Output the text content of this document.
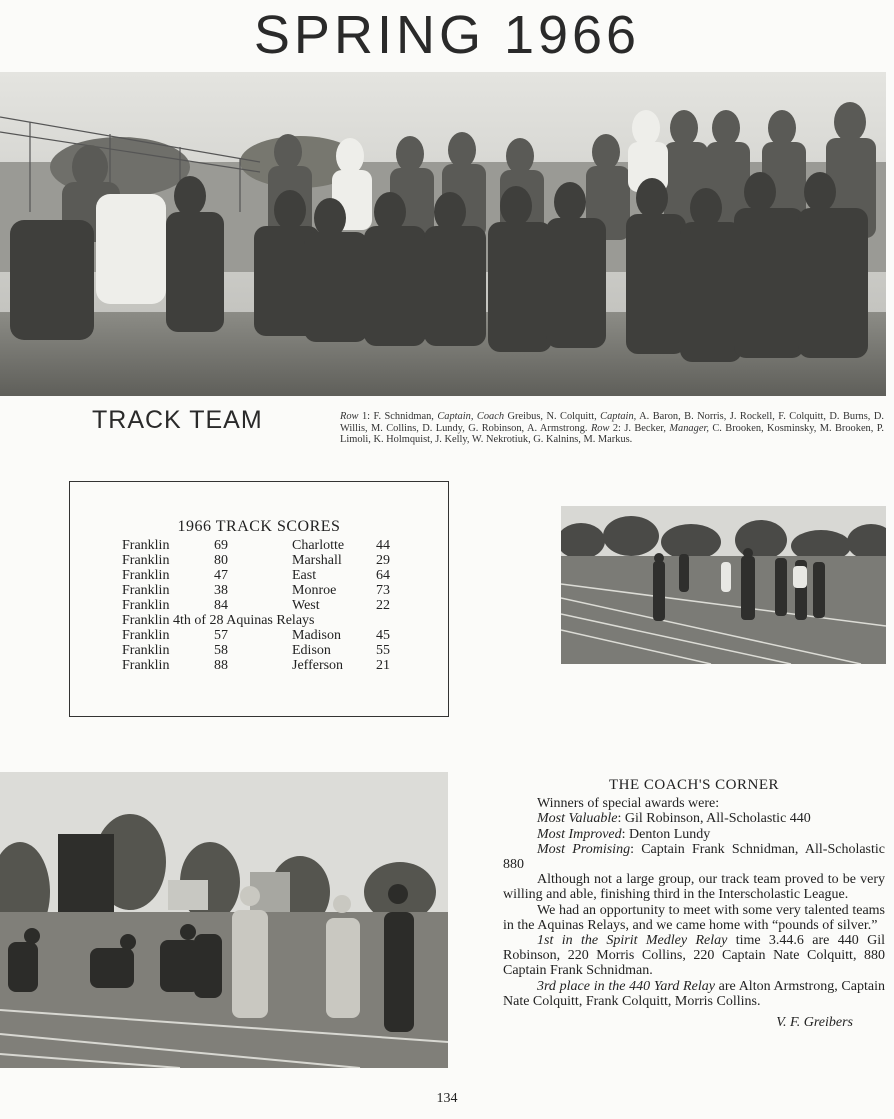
SPRING 1966
TRACK TEAM	Row 1: F. Schnidman, Captain, Coach Greibus, N. Colquitt, Captain, A. Baron, B. Norris, J. Rockell, F. Colquitt, D. Burns, D. Willis, M. Collins, D. Lundy, G. Robinson, A. Armstrong. Row 2: J. Becker, Manager, C. Brooken, Kosminsky, M. Brooken, P. Limoli, K. Holmquist, J. Kelly, W. Nekrotiuk, G. Kalnins, M. Markus.
1966 TRACK SCORES
Franklin	69	Charlotte 44
Franklin	80	Marshall 29
Franklin	47	East	64
Franklin	38	Monroe	73
Franklin	84	West	22
Franklin 4th of 28 Aquinas Relays
Franklin	57	Madison	45
Franklin	58	Edison	55
Franklin	88	Jefferson 21
THE COACH'S CORNER

Winners of special awards were:

Most Valuable: Gil Robinson, All-Scholastic 440

Most Improved: Denton Lundy

Most Promising: Captain Frank Schnidman, All-Scholastic 880

Although not a large group, our track team proved to be very willing and able, finishing third in the Interscholastic League.

We had an opportunity to meet with some very talented teams in the Aquinas Relays, and we came home with “pounds of silver.”

1st in the Spirit Medley Relay time 3.44.6 are 440 Gil Robinson, 220 Morris Collins, 220 Captain Nate Colquitt, 880 Captain Frank Schnidman.

3rd place in the 440 Yard Relay are Alton Armstrong, Captain Nate Colquitt, Frank Colquitt, Morris Collins.

V. F. Greibers

134
